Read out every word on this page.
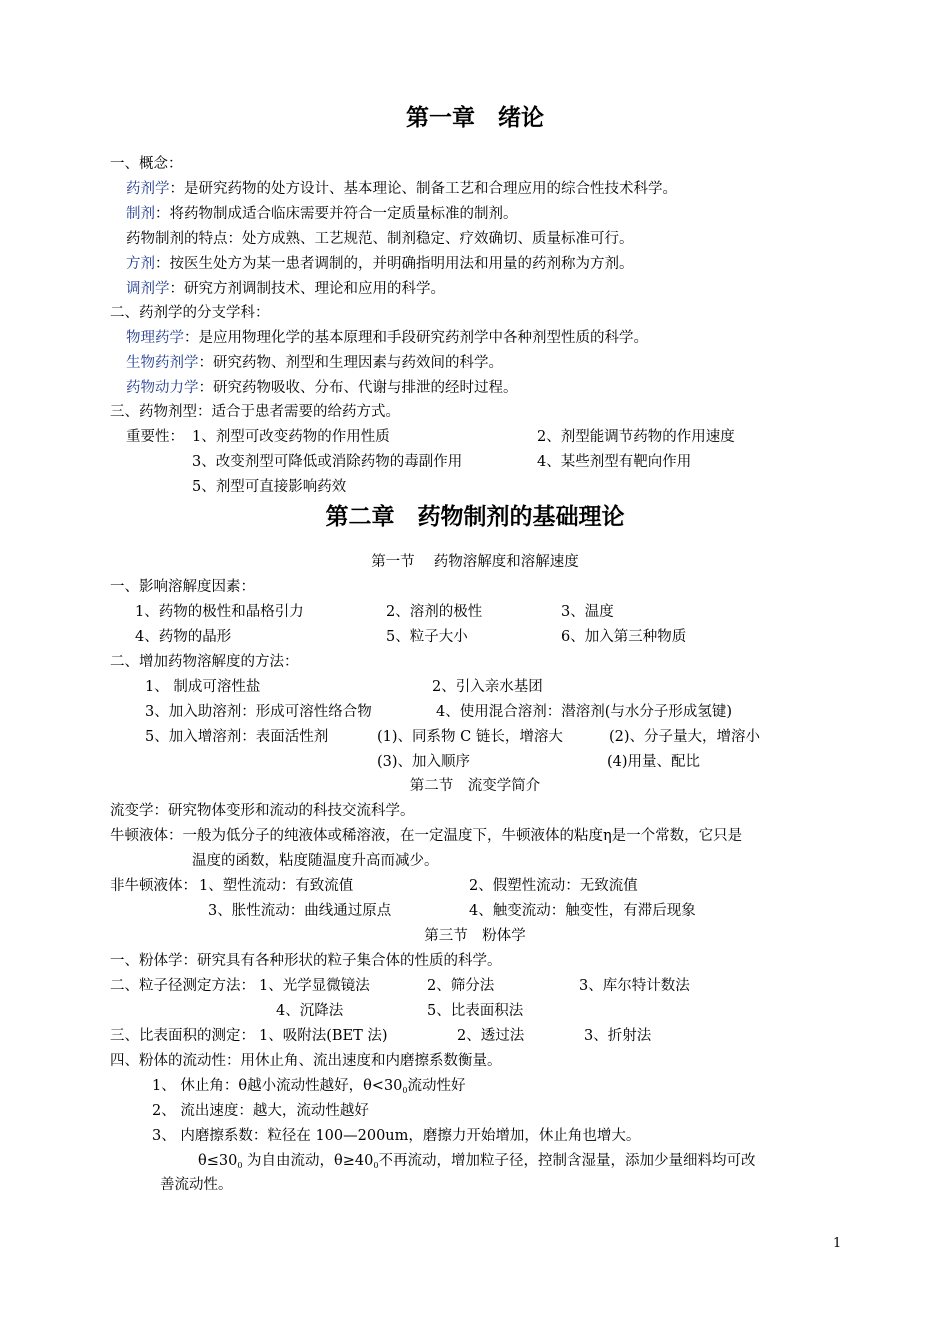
第一章　绪论
一、概念：
药剂学：是研究药物的处方设计、基本理论、制备工艺和合理应用的综合性技术科学。
制剂：将药物制成适合临床需要并符合一定质量标准的制剂。
药物制剂的特点：处方成熟、工艺规范、制剂稳定、疗效确切、质量标准可行。
方剂：按医生处方为某一患者调制的，并明确指明用法和用量的药剂称为方剂。
调剂学：研究方剂调制技术、理论和应用的科学。
二、药剂学的分支学科：
物理药学：是应用物理化学的基本原理和手段研究药剂学中各种剂型性质的科学。
生物药剂学：研究药物、剂型和生理因素与药效间的科学。
药物动力学：研究药物吸收、分布、代谢与排泄的经时过程。
三、药物剂型：适合于患者需要的给药方式。
重要性： 1、剂型可改变药物的作用性质	2、剂型能调节药物的作用速度
3、改变剂型可降低或消除药物的毒副作用	4、某些剂型有靶向作用
5、剂型可直接影响药效
第二章　药物制剂的基础理论
第一节　 药物溶解度和溶解速度
一、影响溶解度因素：
1、药物的极性和晶格引力	2、溶剂的极性	3、温度
4、药物的晶形	5、粒子大小	6、加入第三种物质
二、增加药物溶解度的方法：
1、 制成可溶性盐	2、引入亲水基团
3、加入助溶剂：形成可溶性络合物	4、使用混合溶剂：潜溶剂(与水分子形成氢键)
5、加入增溶剂：表面活性剂	(1)、同系物 C 链长，增溶大	(2)、分子量大，增溶小
(3)、加入顺序	(4)用量、配比
第二节　流变学简介
流变学：研究物体变形和流动的科技交流科学。
牛顿液体：一般为低分子的纯液体或稀溶液，在一定温度下，牛顿液体的粘度η是一个常数，它只是
温度的函数，粘度随温度升高而减少。
非牛顿液体： 1、塑性流动：有致流值	2、假塑性流动：无致流值
3、胀性流动：曲线通过原点	4、触变流动：触变性，有滞后现象
第三节　粉体学
一、粉体学：研究具有各种形状的粒子集合体的性质的科学。
二、粒子径测定方法： 1、光学显微镜法	2、筛分法	3、库尔特计数法
4、沉降法	5、比表面积法
三、比表面积的测定： 1、吸附法(BET 法)	2、透过法	3、折射法
四、粉体的流动性：用休止角、流出速度和内磨擦系数衡量。
1、 休止角：θ越小流动性越好，$\theta<30_0$流动性好
2、 流出速度：越大，流动性越好
3、 内磨擦系数：粒径在 100—200um，磨擦力开始增加，休止角也增大。
$\theta\le 30_0$ 为自由流动，$\theta\ge 40_0$不再流动，增加粒子径，控制含湿量，添加少量细料均可改
善流动性。
1
